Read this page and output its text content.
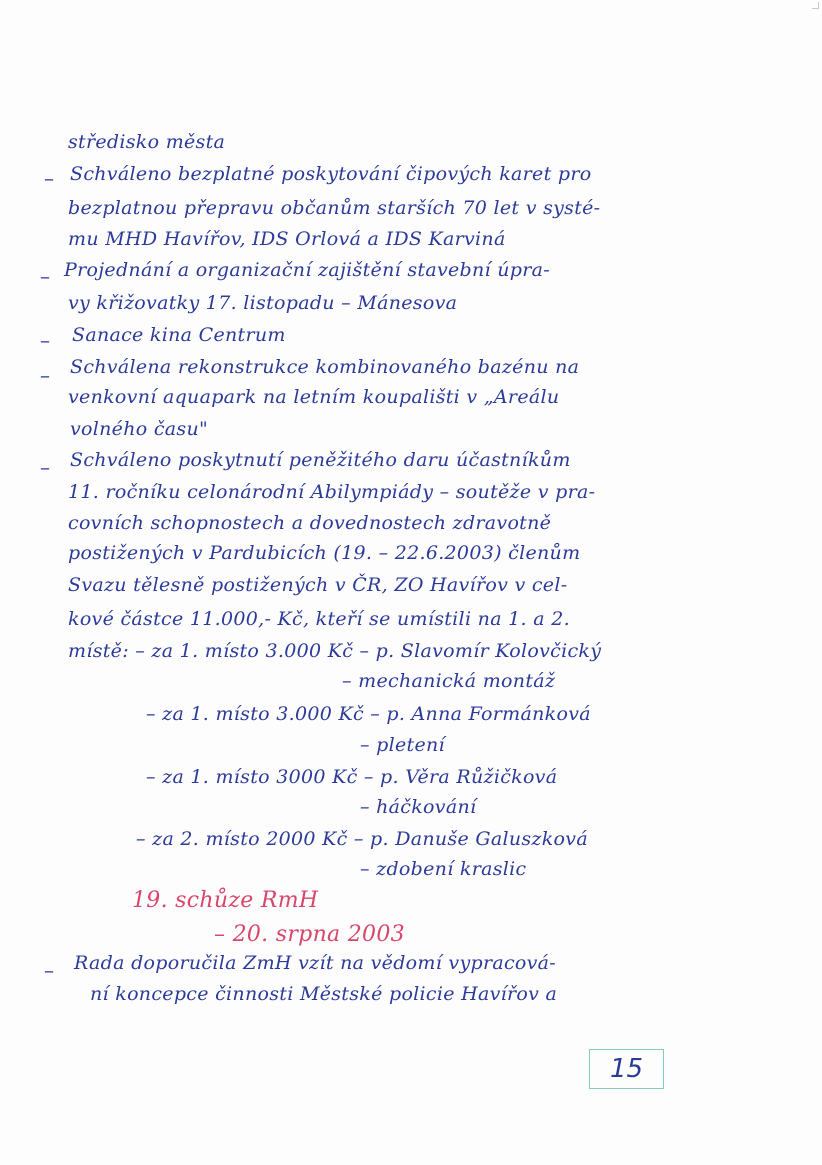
středisko města
– Schváleno bezplatné poskytování čipových karet pro
bezplatnou přepravu občanům starších 70 let v systé-
mu MHD Havířov, IDS Orlová a IDS Karviná
– Projednání a organizační zajištění stavební úpra-
vy křižovatky 17. listopadu – Mánesova
– Sanace kina Centrum
– Schválena rekonstrukce kombinovaného bazénu na
venkovní aquapark na letním koupališti v „Areálu
volného času"
– Schváleno poskytnutí peněžitého daru účastníkům
11. ročníku celonárodní Abilympiády – soutěže v pra-
covních schopnostech a dovednostech zdravotně
postižených v Pardubicích (19. – 22.6.2003) členům
Svazu tělesně postižených v ČR, ZO Havířov v cel-
kové částce 11.000,- Kč, kteří se umístili na 1. a 2.
místě: – za 1. místo 3.000 Kč – p. Slavomír Kolovčický
– mechanická montáž
– za 1. místo 3.000 Kč – p. Anna Formánková
– pletení
– za 1. místo 3000 Kč – p. Věra Růžičková
– háčkování
– za 2. místo 2000 Kč – p. Danuše Galuszková
– zdobení kraslic
19. schůze RmH
– 20. srpna 2003
– Rada doporučila ZmH vzít na vědomí vypracová-
ní koncepce činnosti Městské policie Havířov a
15
